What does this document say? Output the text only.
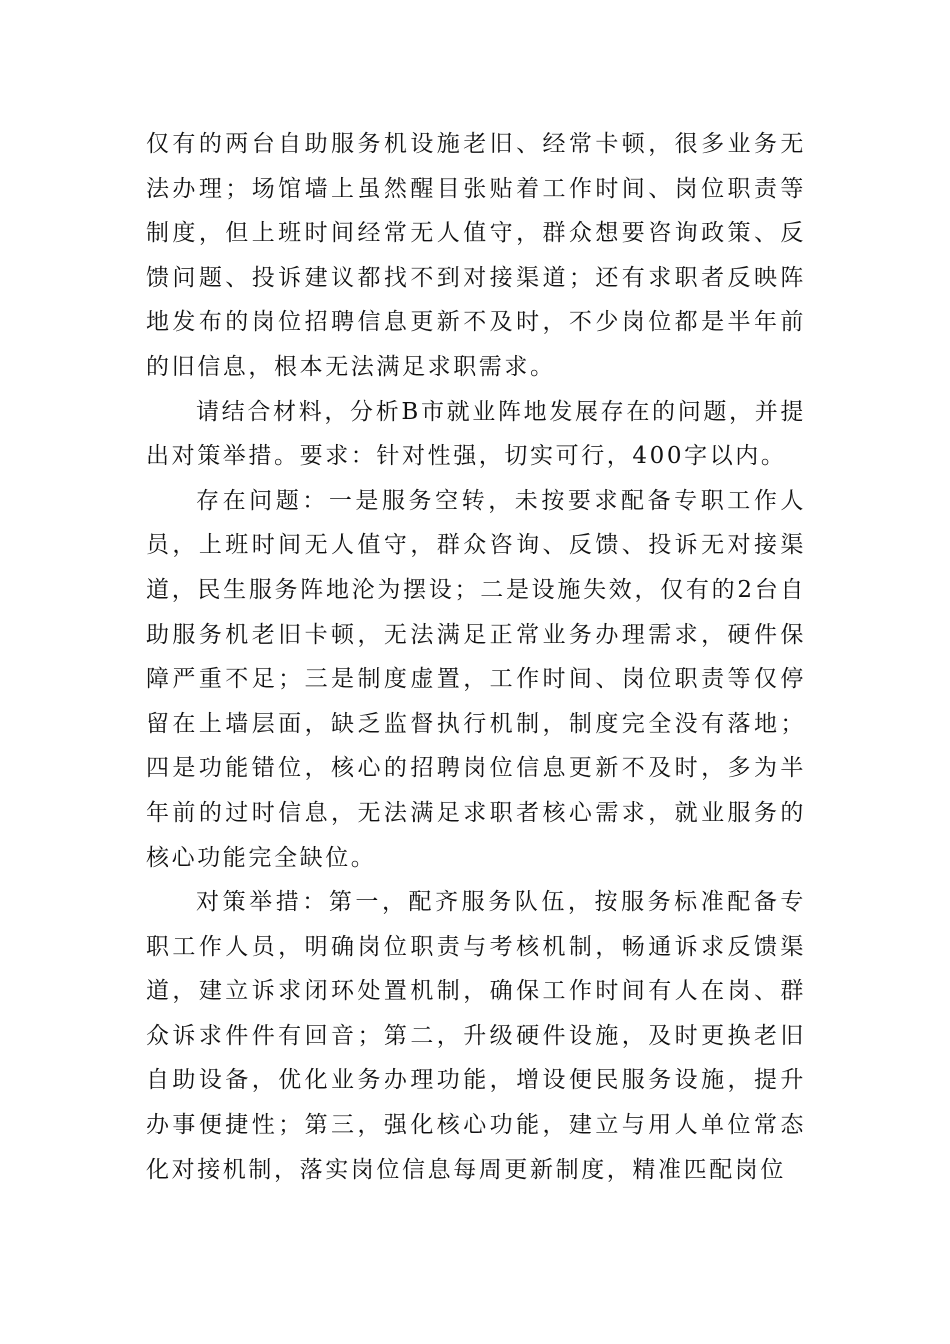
仅有的两台自助服务机设施老旧、经常卡顿，很多业务无法办理；场馆墙上虽然醒目张贴着工作时间、岗位职责等制度，但上班时间经常无人值守，群众想要咨询政策、反馈问题、投诉建议都找不到对接渠道；还有求职者反映阵地发布的岗位招聘信息更新不及时，不少岗位都是半年前的旧信息，根本无法满足求职需求。

请结合材料，分析B市就业阵地发展存在的问题，并提出对策举措。要求：针对性强，切实可行，400字以内。

存在问题：一是服务空转，未按要求配备专职工作人员，上班时间无人值守，群众咨询、反馈、投诉无对接渠道，民生服务阵地沦为摆设；二是设施失效，仅有的2台自助服务机老旧卡顿，无法满足正常业务办理需求，硬件保障严重不足；三是制度虚置，工作时间、岗位职责等仅停留在上墙层面，缺乏监督执行机制，制度完全没有落地；四是功能错位，核心的招聘岗位信息更新不及时，多为半年前的过时信息，无法满足求职者核心需求，就业服务的核心功能完全缺位。

对策举措：第一，配齐服务队伍，按服务标准配备专职工作人员，明确岗位职责与考核机制，畅通诉求反馈渠道，建立诉求闭环处置机制，确保工作时间有人在岗、群众诉求件件有回音；第二，升级硬件设施，及时更换老旧自助设备，优化业务办理功能，增设便民服务设施，提升办事便捷性；第三，强化核心功能，建立与用人单位常态化对接机制，落实岗位信息每周更新制度，精准匹配岗位
